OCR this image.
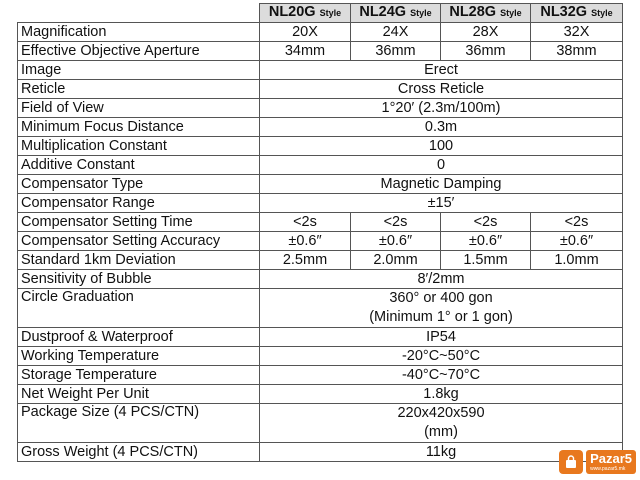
	NL20G Style	NL24G Style	NL28G Style	NL32G Style
Magnification	20X	24X	28X	32X
Effective Objective Aperture	34mm	36mm	36mm	38mm
Image	Erect			
Reticle	Cross Reticle			
Field of View	1°20′ (2.3m/100m)			
Minimum Focus Distance	0.3m			
Multiplication Constant	100			
Additive Constant	0			
Compensator Type	Magnetic Damping			
Compensator Range	±15′			
Compensator Setting Time	<2s	<2s	<2s	<2s
Compensator Setting Accuracy	±0.6″	±0.6″	±0.6″	±0.6″
Standard 1km Deviation	2.5mm	2.0mm	1.5mm	1.0mm
Sensitivity of Bubble	8′/2mm			
Circle Graduation	360° or 400 gon
(Minimum 1° or 1 gon)			

Dustproof & Waterproof	IP54			
Working Temperature	-20°C~50°C			
Storage Temperature	-40°C~70°C			
Net Weight Per Unit	1.8kg			
Package Size (4 PCS/CTN)	220x420x590
(mm)			

Gross Weight (4 PCS/CTN)	11kg				Pazar5
www.pazar5.mk
